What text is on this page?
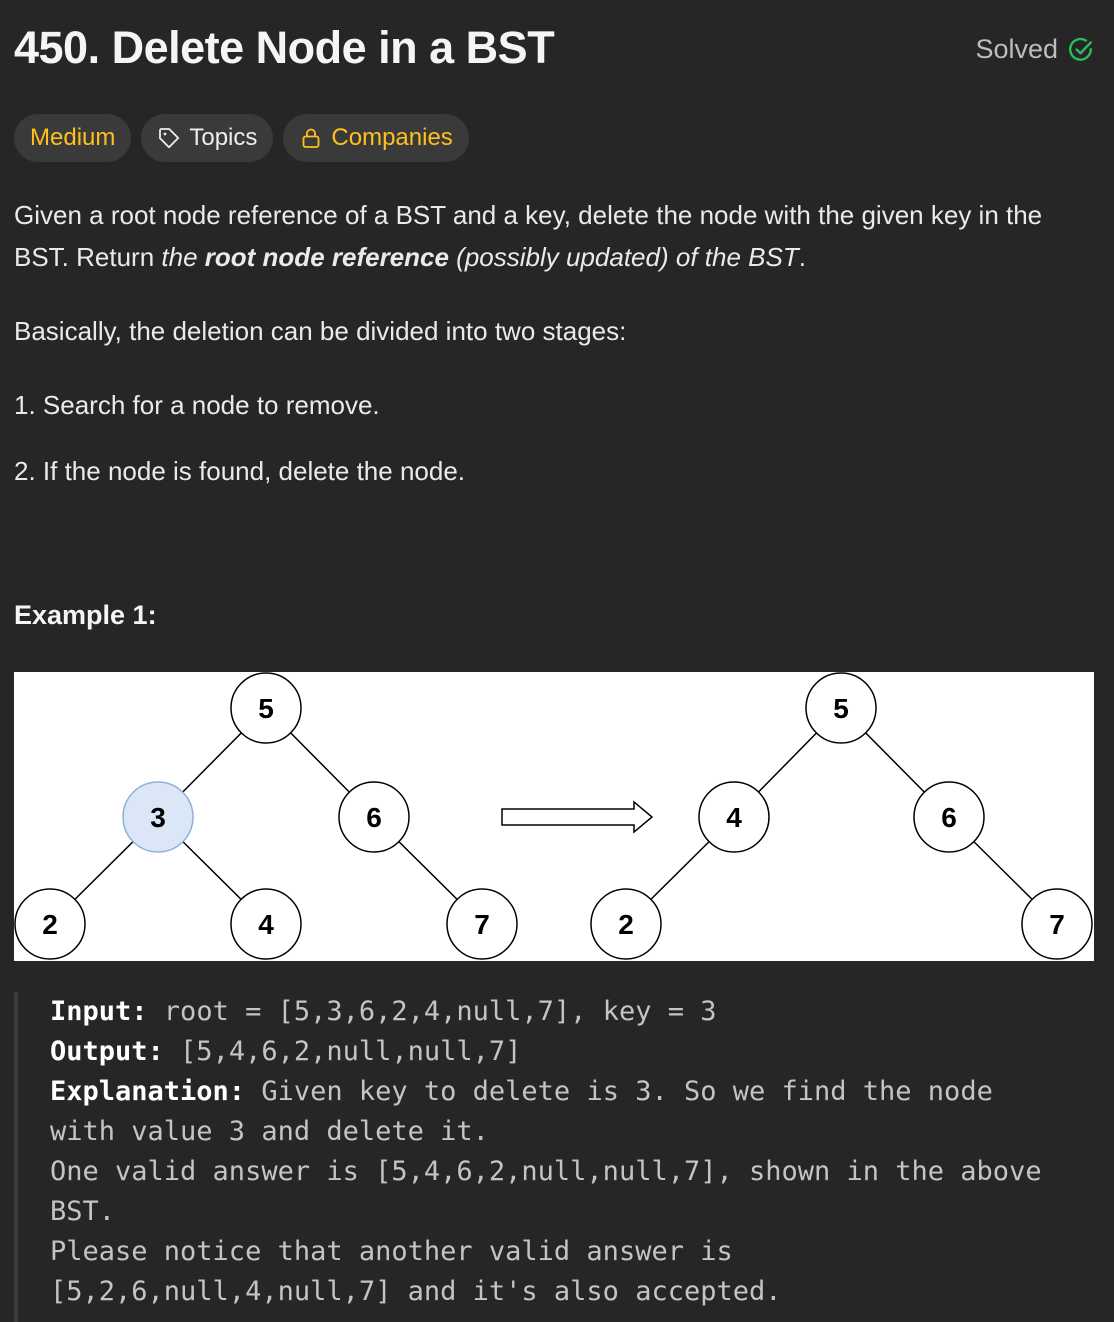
450. Delete Node in a BST	Solved
Medium	Topics	Companies
Given a root node reference of a BST and a key, delete the node with the given key in the BST. Return the root node reference (possibly updated) of the BST.
Basically, the deletion can be divided into two stages:
1. Search for a node to remove.
2. If the node is found, delete the node.
Example 1:
5
3	6
2	4	7
5
4	6
2	7
Input: root = [5,3,6,2,4,null,7], key = 3
Output: [5,4,6,2,null,null,7]
Explanation: Given key to delete is 3. So we find the node
with value 3 and delete it.
One valid answer is [5,4,6,2,null,null,7], shown in the above
BST.
Please notice that another valid answer is
[5,2,6,null,4,null,7] and it's also accepted.
